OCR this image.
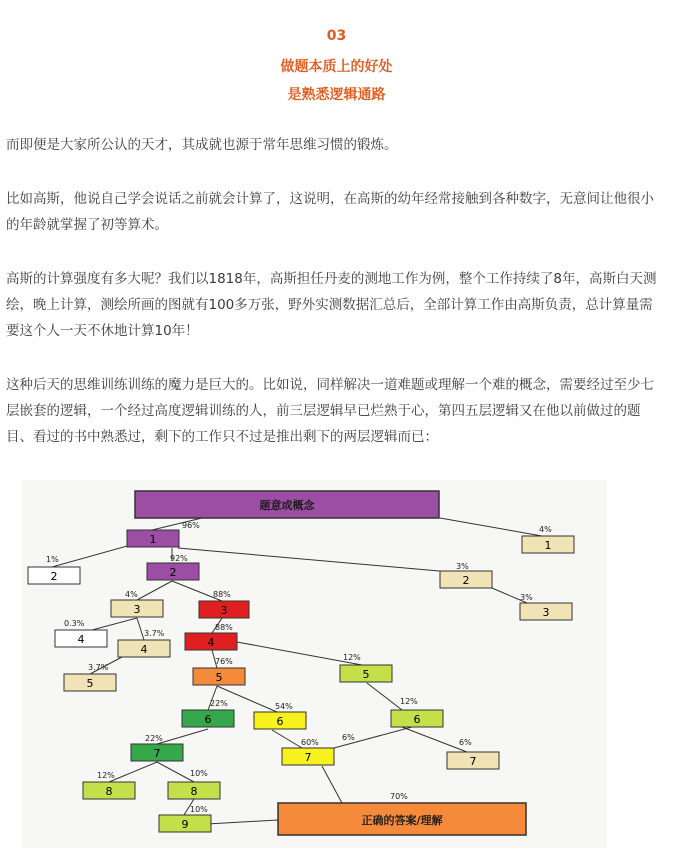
03
做题本质上的好处
是熟悉逻辑通路

而即便是大家所公认的天才，其成就也源于常年思维习惯的锻炼。

比如高斯，他说自己学会说话之前就会计算了，这说明，在高斯的幼年经常接触到各种数字，无意间让他很小的年龄就掌握了初等算术。

高斯的计算强度有多大呢？我们以1818年，高斯担任丹麦的测地工作为例，整个工作持续了8年，高斯白天测绘，晚上计算，测绘所画的图就有100多万张，野外实测数据汇总后，全部计算工作由高斯负责，总计算量需要这个人一天不休地计算10年！

这种后天的思维训练训练的魔力是巨大的。比如说，同样解决一道难题或理解一个难的概念，需要经过至少七层嵌套的逻辑，一个经过高度逻辑训练的人，前三层逻辑早已烂熟于心，第四五层逻辑又在他以前做过的题目、看过的书中熟悉过，剩下的工作只不过是推出剩下的两层逻辑而已：

题意或概念
1	1
2	2
2
3	3	3
4
4
4
5	5	5
6	6	6
7	7	7
8	8
9	正确的答案/理解
96%	4%
1%	92%
3%
4%	88%	3%
0.3%
3.7%
88%
3.7%
76%	12%
22%	54%
12%
22%	60%
6%
6%
12%	10%
10%
70%
